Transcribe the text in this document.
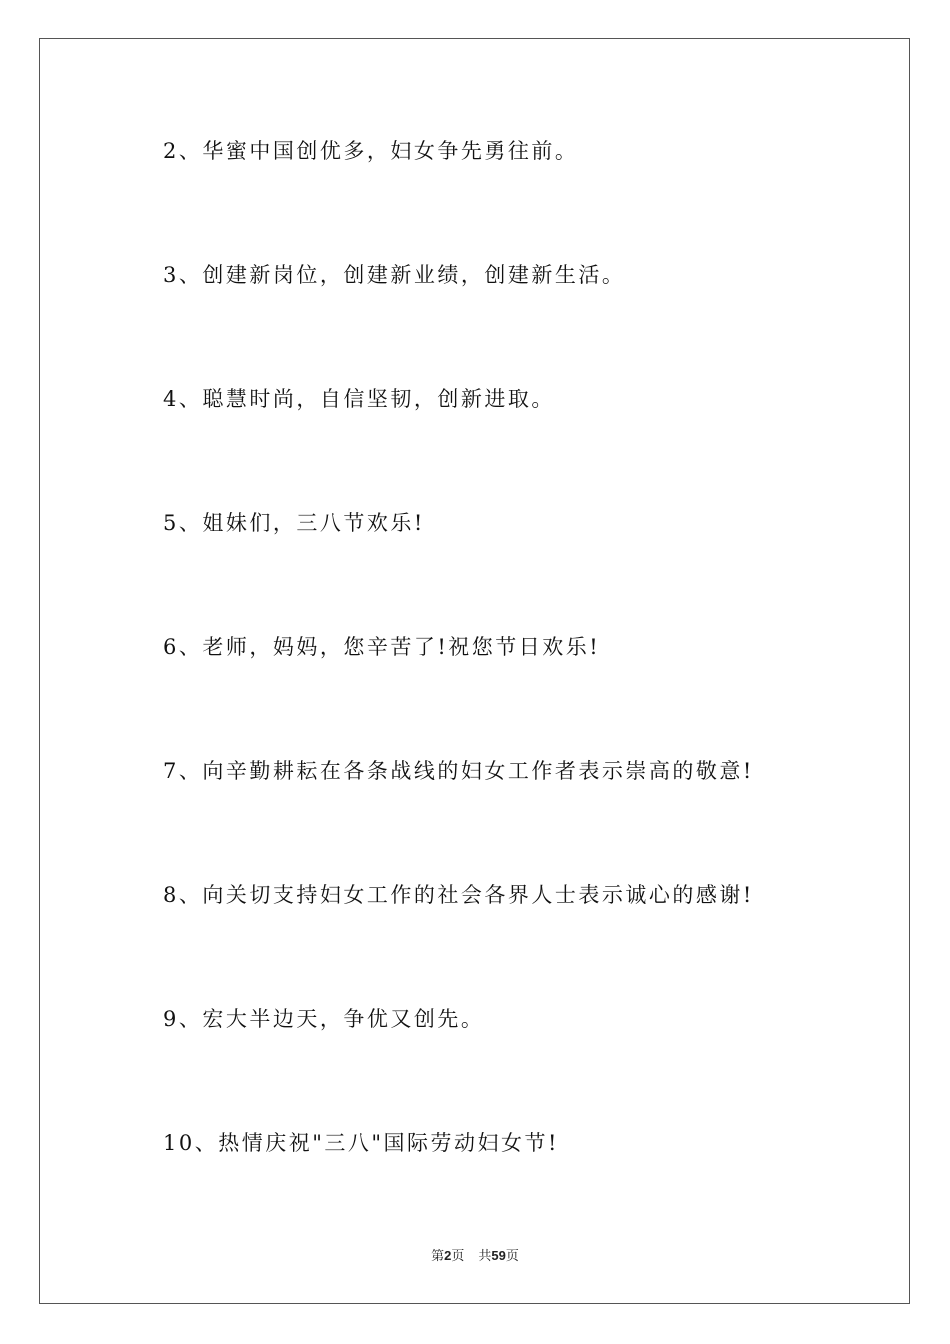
2、华蜜中国创优多，妇女争先勇往前。
3、创建新岗位，创建新业绩，创建新生活。
4、聪慧时尚，自信坚韧，创新进取。
5、姐妹们，三八节欢乐!
6、老师，妈妈，您辛苦了!祝您节日欢乐!
7、向辛勤耕耘在各条战线的妇女工作者表示崇高的敬意!
8、向关切支持妇女工作的社会各界人士表示诚心的感谢!
9、宏大半边天，争优又创先。
10、热情庆祝"三八"国际劳动妇女节!
第2页 共59页
